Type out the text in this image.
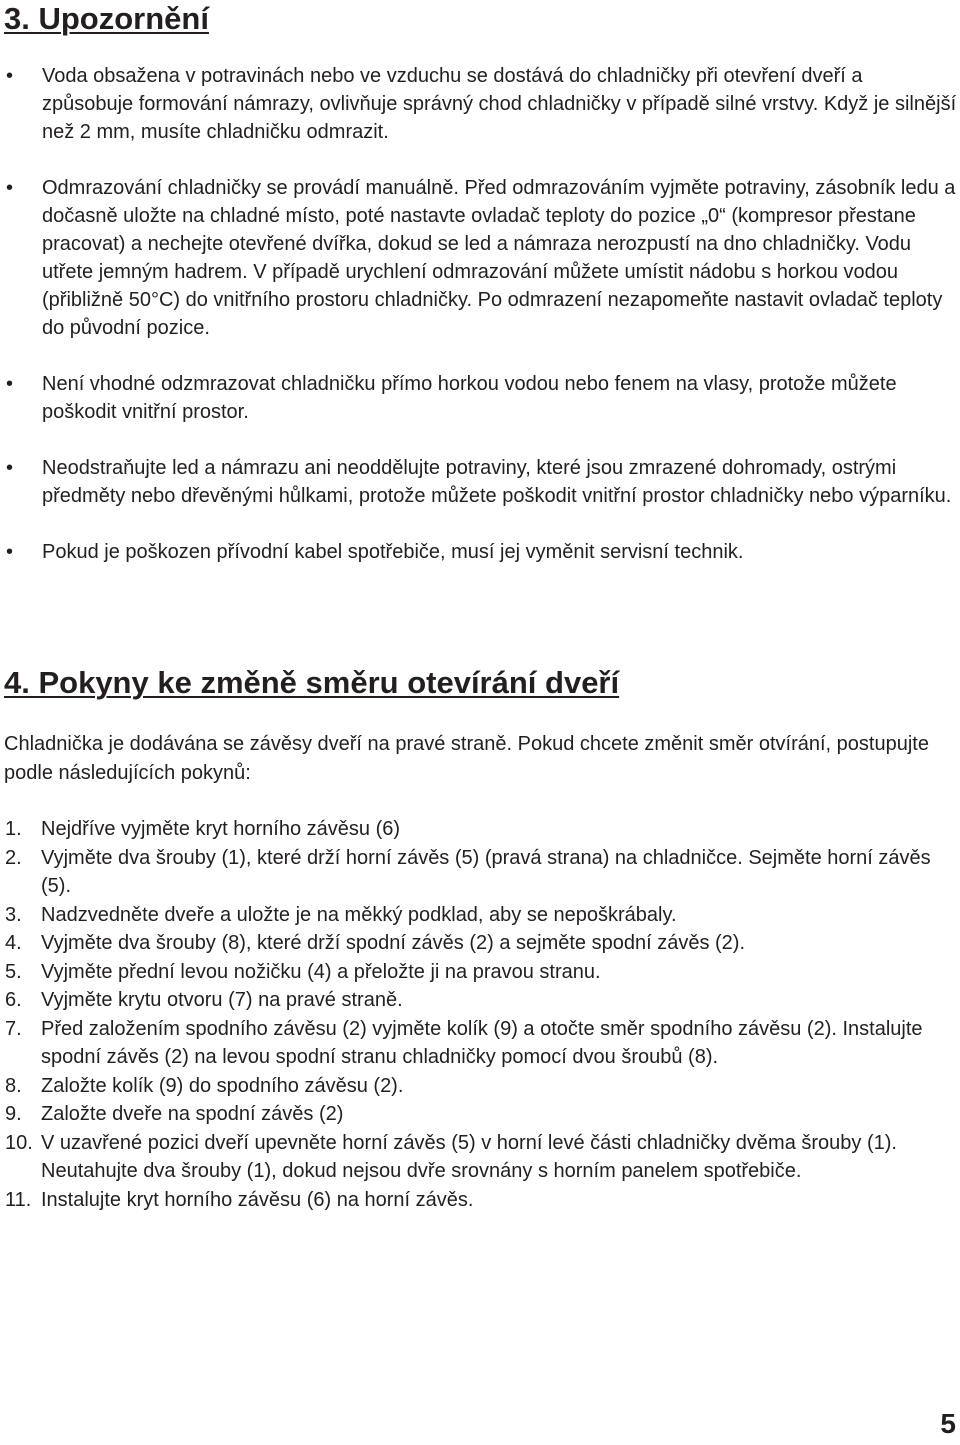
3. Upozornění
• Voda obsažena v potravinách nebo ve vzduchu se dostává do chladničky při otevření dveří a způsobuje formování námrazy, ovlivňuje správný chod chladničky v případě silné vrstvy. Když je silnější než 2 mm, musíte chladničku odmrazit.
• Odmrazování chladničky se provádí manuálně. Před odmrazováním vyjměte potraviny, zásobník ledu a dočasně uložte na chladné místo, poté nastavte ovladač teploty do pozice „0“ (kompresor přestane pracovat) a nechejte otevřené dvířka, dokud se led a námraza nerozpustí na dno chladničky. Vodu utřete jemným hadrem. V případě urychlení odmrazování můžete umístit nádobu s horkou vodou (přibližně 50°C) do vnitřního prostoru chladničky. Po odmrazení nezapomeňte nastavit ovladač teploty do původní pozice.
• Není vhodné odzmrazovat chladničku přímo horkou vodou nebo fenem na vlasy, protože můžete poškodit vnitřní prostor.
• Neodstraňujte led a námrazu ani neoddělujte potraviny, které jsou zmrazené dohromady, ostrými předměty nebo dřevěnými hůlkami, protože můžete poškodit vnitřní prostor chladničky nebo výparníku.
• Pokud je poškozen přívodní kabel spotřebiče, musí jej vyměnit servisní technik.
4. Pokyny ke změně směru otevírání dveří

Chladnička je dodávána se závěsy dveří na pravé straně. Pokud chcete změnit směr otvírání, postupujte podle následujících pokynů:

1. Nejdříve vyjměte kryt horního závěsu (6)
2. Vyjměte dva šrouby (1), které drží horní závěs (5) (pravá strana) na chladničce. Sejměte horní závěs (5).
3. Nadzvedněte dveře a uložte je na měkký podklad, aby se nepoškrábaly.
4. Vyjměte dva šrouby (8), které drží spodní závěs (2) a sejměte spodní závěs (2).
5. Vyjměte přední levou nožičku (4) a přeložte ji na pravou stranu.
6. Vyjměte krytu otvoru (7) na pravé straně.
7. Před založením spodního závěsu (2) vyjměte kolík (9) a otočte směr spodního závěsu (2). Instalujte spodní závěs (2) na levou spodní stranu chladničky pomocí dvou šroubů (8).
8. Založte kolík (9) do spodního závěsu (2).
9. Založte dveře na spodní závěs (2)
10. V uzavřené pozici dveří upevněte horní závěs (5) v horní levé části chladničky dvěma šrouby (1). Neutahujte dva šrouby (1), dokud nejsou dvře srovnány s horním panelem spotřebiče.
11. Instalujte kryt horního závěsu (6) na horní závěs.
5
